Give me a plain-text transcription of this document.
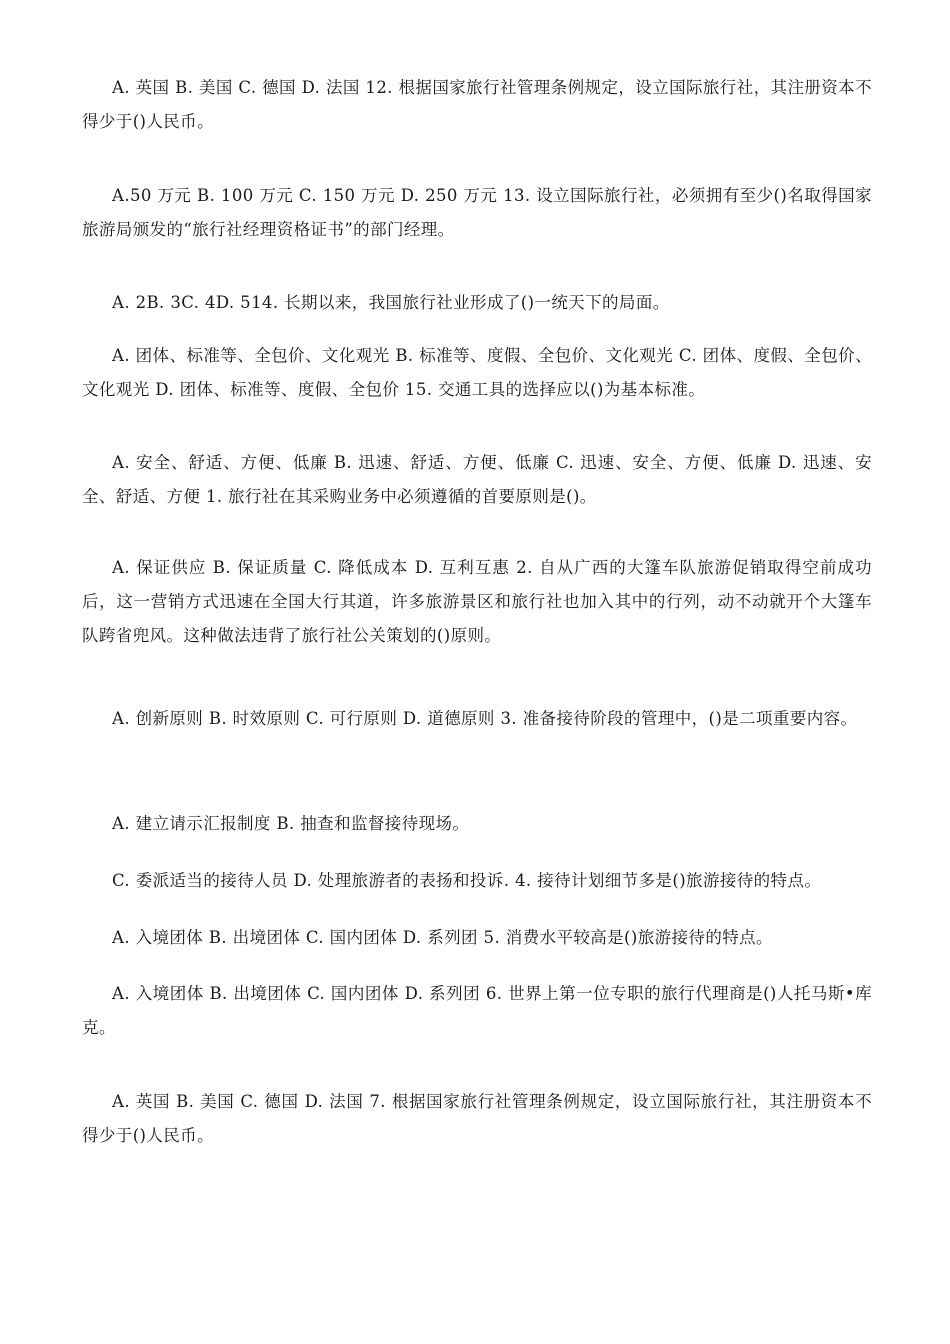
A. 英国 B. 美国 C. 德国 D. 法国 12. 根据国家旅行社管理条例规定，设立国际旅行社，其注册资本不得少于()人民币。

A.50 万元 B. 100 万元 C. 150 万元 D. 250 万元 13. 设立国际旅行社，必须拥有至少()名取得国家旅游局颁发的“旅行社经理资格证书”的部门经理。

A. 2B. 3C. 4D. 514. 长期以来，我国旅行社业形成了()一统天下的局面。

A. 团体、标准等、全包价、文化观光 B. 标准等、度假、全包价、文化观光 C. 团体、度假、全包价、文化观光 D. 团体、标准等、度假、全包价 15. 交通工具的选择应以()为基本标准。

A. 安全、舒适、方便、低廉 B. 迅速、舒适、方便、低廉 C. 迅速、安全、方便、低廉 D. 迅速、安全、舒适、方便 1. 旅行社在其采购业务中必须遵循的首要原则是()。

A. 保证供应 B. 保证质量 C. 降低成本 D. 互利互惠 2. 自从广西的大篷车队旅游促销取得空前成功后，这一营销方式迅速在全国大行其道，许多旅游景区和旅行社也加入其中的行列，动不动就开个大篷车队跨省兜风。这种做法违背了旅行社公关策划的()原则。

A. 创新原则 B. 时效原则 C. 可行原则 D. 道德原则 3. 准备接待阶段的管理中，()是二项重要内容。

A. 建立请示汇报制度 B. 抽查和监督接待现场。

C. 委派适当的接待人员 D. 处理旅游者的表扬和投诉. 4. 接待计划细节多是()旅游接待的特点。

A. 入境团体 B. 出境团体 C. 国内团体 D. 系列团 5. 消费水平较高是()旅游接待的特点。

A. 入境团体 B. 出境团体 C. 国内团体 D. 系列团 6. 世界上第一位专职的旅行代理商是()人托马斯•库克。

A. 英国 B. 美国 C. 德国 D. 法国 7. 根据国家旅行社管理条例规定，设立国际旅行社，其注册资本不得少于()人民币。
